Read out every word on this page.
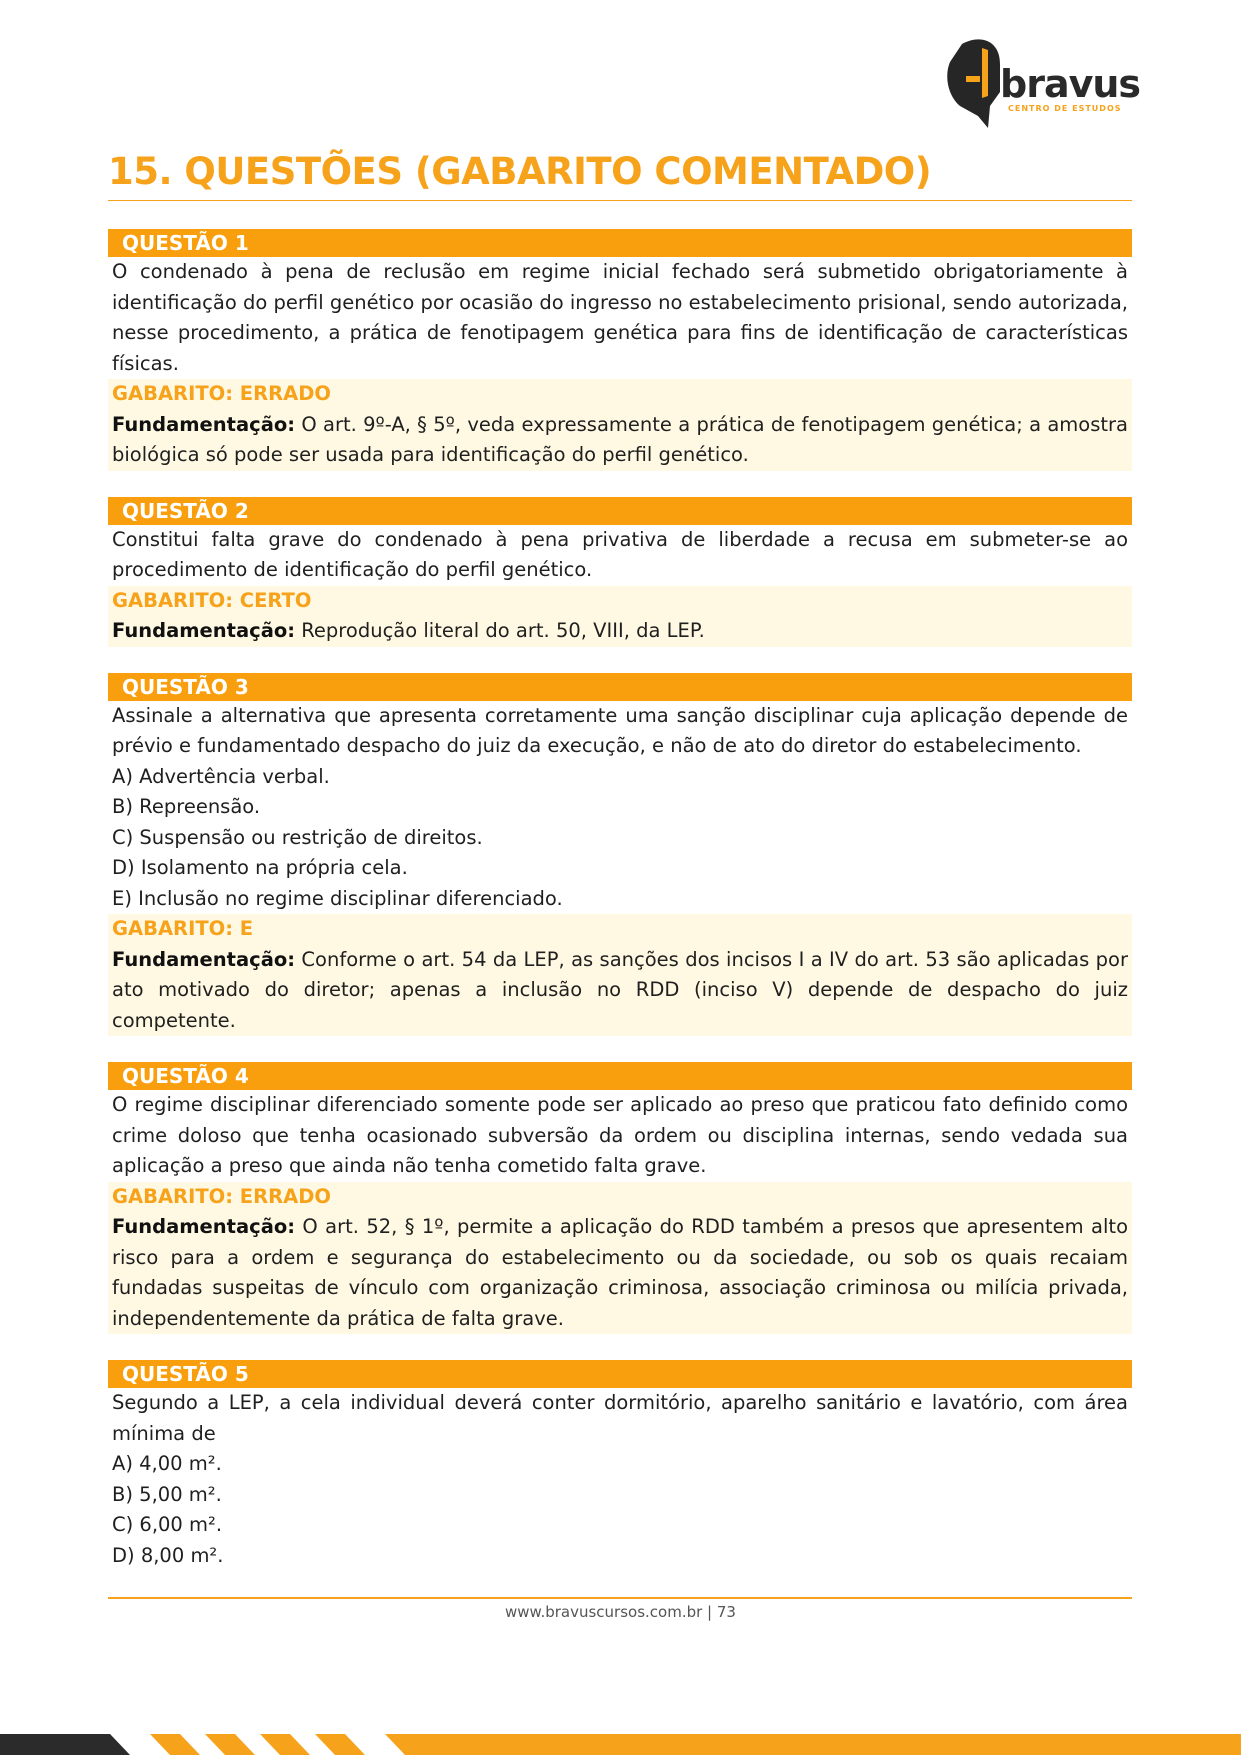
bravus
CENTRO DE ESTUDOS
15. QUESTÕES (GABARITO COMENTADO)
QUESTÃO 1

O condenado à pena de reclusão em regime inicial fechado será submetido obrigatoriamente à identificação do perfil genético por ocasião do ingresso no estabelecimento prisional, sendo autorizada, nesse procedimento, a prática de fenotipagem genética para fins de identificação de características físicas.

GABARITO: ERRADO

Fundamentação: O art. 9º-A, § 5º, veda expressamente a prática de fenotipagem genética; a amostra biológica só pode ser usada para identificação do perfil genético.

QUESTÃO 2

Constitui falta grave do condenado à pena privativa de liberdade a recusa em submeter-se ao procedimento de identificação do perfil genético.

GABARITO: CERTO

Fundamentação: Reprodução literal do art. 50, VIII, da LEP.

QUESTÃO 3

Assinale a alternativa que apresenta corretamente uma sanção disciplinar cuja aplicação depende de prévio e fundamentado despacho do juiz da execução, e não de ato do diretor do estabelecimento.

A) Advertência verbal.
B) Repreensão.
C) Suspensão ou restrição de direitos.
D) Isolamento na própria cela.
E) Inclusão no regime disciplinar diferenciado.
GABARITO: E

Fundamentação: Conforme o art. 54 da LEP, as sanções dos incisos I a IV do art. 53 são aplicadas por ato motivado do diretor; apenas a inclusão no RDD (inciso V) depende de despacho do juiz competente.

QUESTÃO 4

O regime disciplinar diferenciado somente pode ser aplicado ao preso que praticou fato definido como crime doloso que tenha ocasionado subversão da ordem ou disciplina internas, sendo vedada sua aplicação a preso que ainda não tenha cometido falta grave.

GABARITO: ERRADO

Fundamentação: O art. 52, § 1º, permite a aplicação do RDD também a presos que apresentem alto risco para a ordem e segurança do estabelecimento ou da sociedade, ou sob os quais recaiam fundadas suspeitas de vínculo com organização criminosa, associação criminosa ou milícia privada, independentemente da prática de falta grave.

QUESTÃO 5

Segundo a LEP, a cela individual deverá conter dormitório, aparelho sanitário e lavatório, com área mínima de

A) 4,00 m².
B) 5,00 m².
C) 6,00 m².
D) 8,00 m².
www.bravuscursos.com.br | 73
